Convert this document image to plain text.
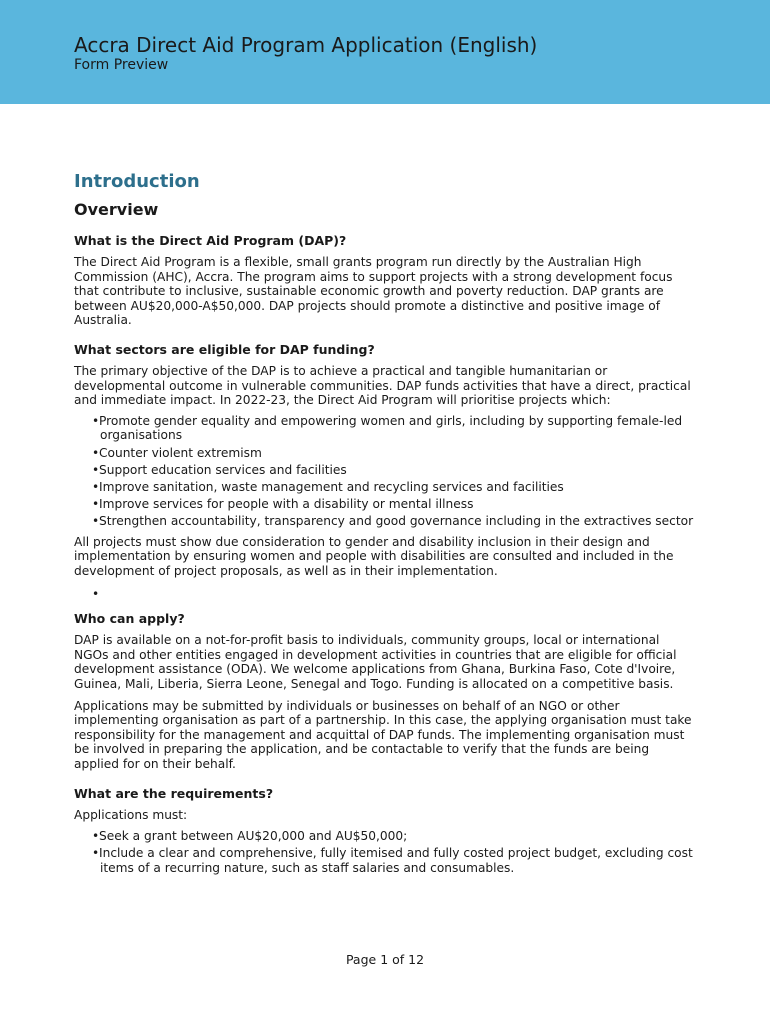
Accra Direct Aid Program Application (English)
Form Preview
Introduction
Overview
What is the Direct Aid Program (DAP)?
The Direct Aid Program is a flexible, small grants program run directly by the Australian High Commission (AHC), Accra. The program aims to support projects with a strong development focus that contribute to inclusive, sustainable economic growth and poverty reduction. DAP grants are between AU$20,000-A$50,000. DAP projects should promote a distinctive and positive image of Australia.
What sectors are eligible for DAP funding?
The primary objective of the DAP is to achieve a practical and tangible humanitarian or developmental outcome in vulnerable communities. DAP funds activities that have a direct, practical and immediate impact. In 2022-23, the Direct Aid Program will prioritise projects which:
• Promote gender equality and empowering women and girls, including by supporting female-led organisations
• Counter violent extremism
• Support education services and facilities
• Improve sanitation, waste management and recycling services and facilities
• Improve services for people with a disability or mental illness
• Strengthen accountability, transparency and good governance including in the extractives sector
All projects must show due consideration to gender and disability inclusion in their design and implementation by ensuring women and people with disabilities are consulted and included in the development of project proposals, as well as in their implementation.
•

Who can apply?
DAP is available on a not-for-profit basis to individuals, community groups, local or international NGOs and other entities engaged in development activities in countries that are eligible for official development assistance (ODA). We welcome applications from Ghana, Burkina Faso, Cote d'Ivoire, Guinea, Mali, Liberia, Sierra Leone, Senegal and Togo. Funding is allocated on a competitive basis.
Applications may be submitted by individuals or businesses on behalf of an NGO or other implementing organisation as part of a partnership. In this case, the applying organisation must take responsibility for the management and acquittal of DAP funds. The implementing organisation must be involved in preparing the application, and be contactable to verify that the funds are being applied for on their behalf.
What are the requirements?
Applications must:
• Seek a grant between AU$20,000 and AU$50,000;
• Include a clear and comprehensive, fully itemised and fully costed project budget, excluding cost items of a recurring nature, such as staff salaries and consumables.
Page 1 of 12
